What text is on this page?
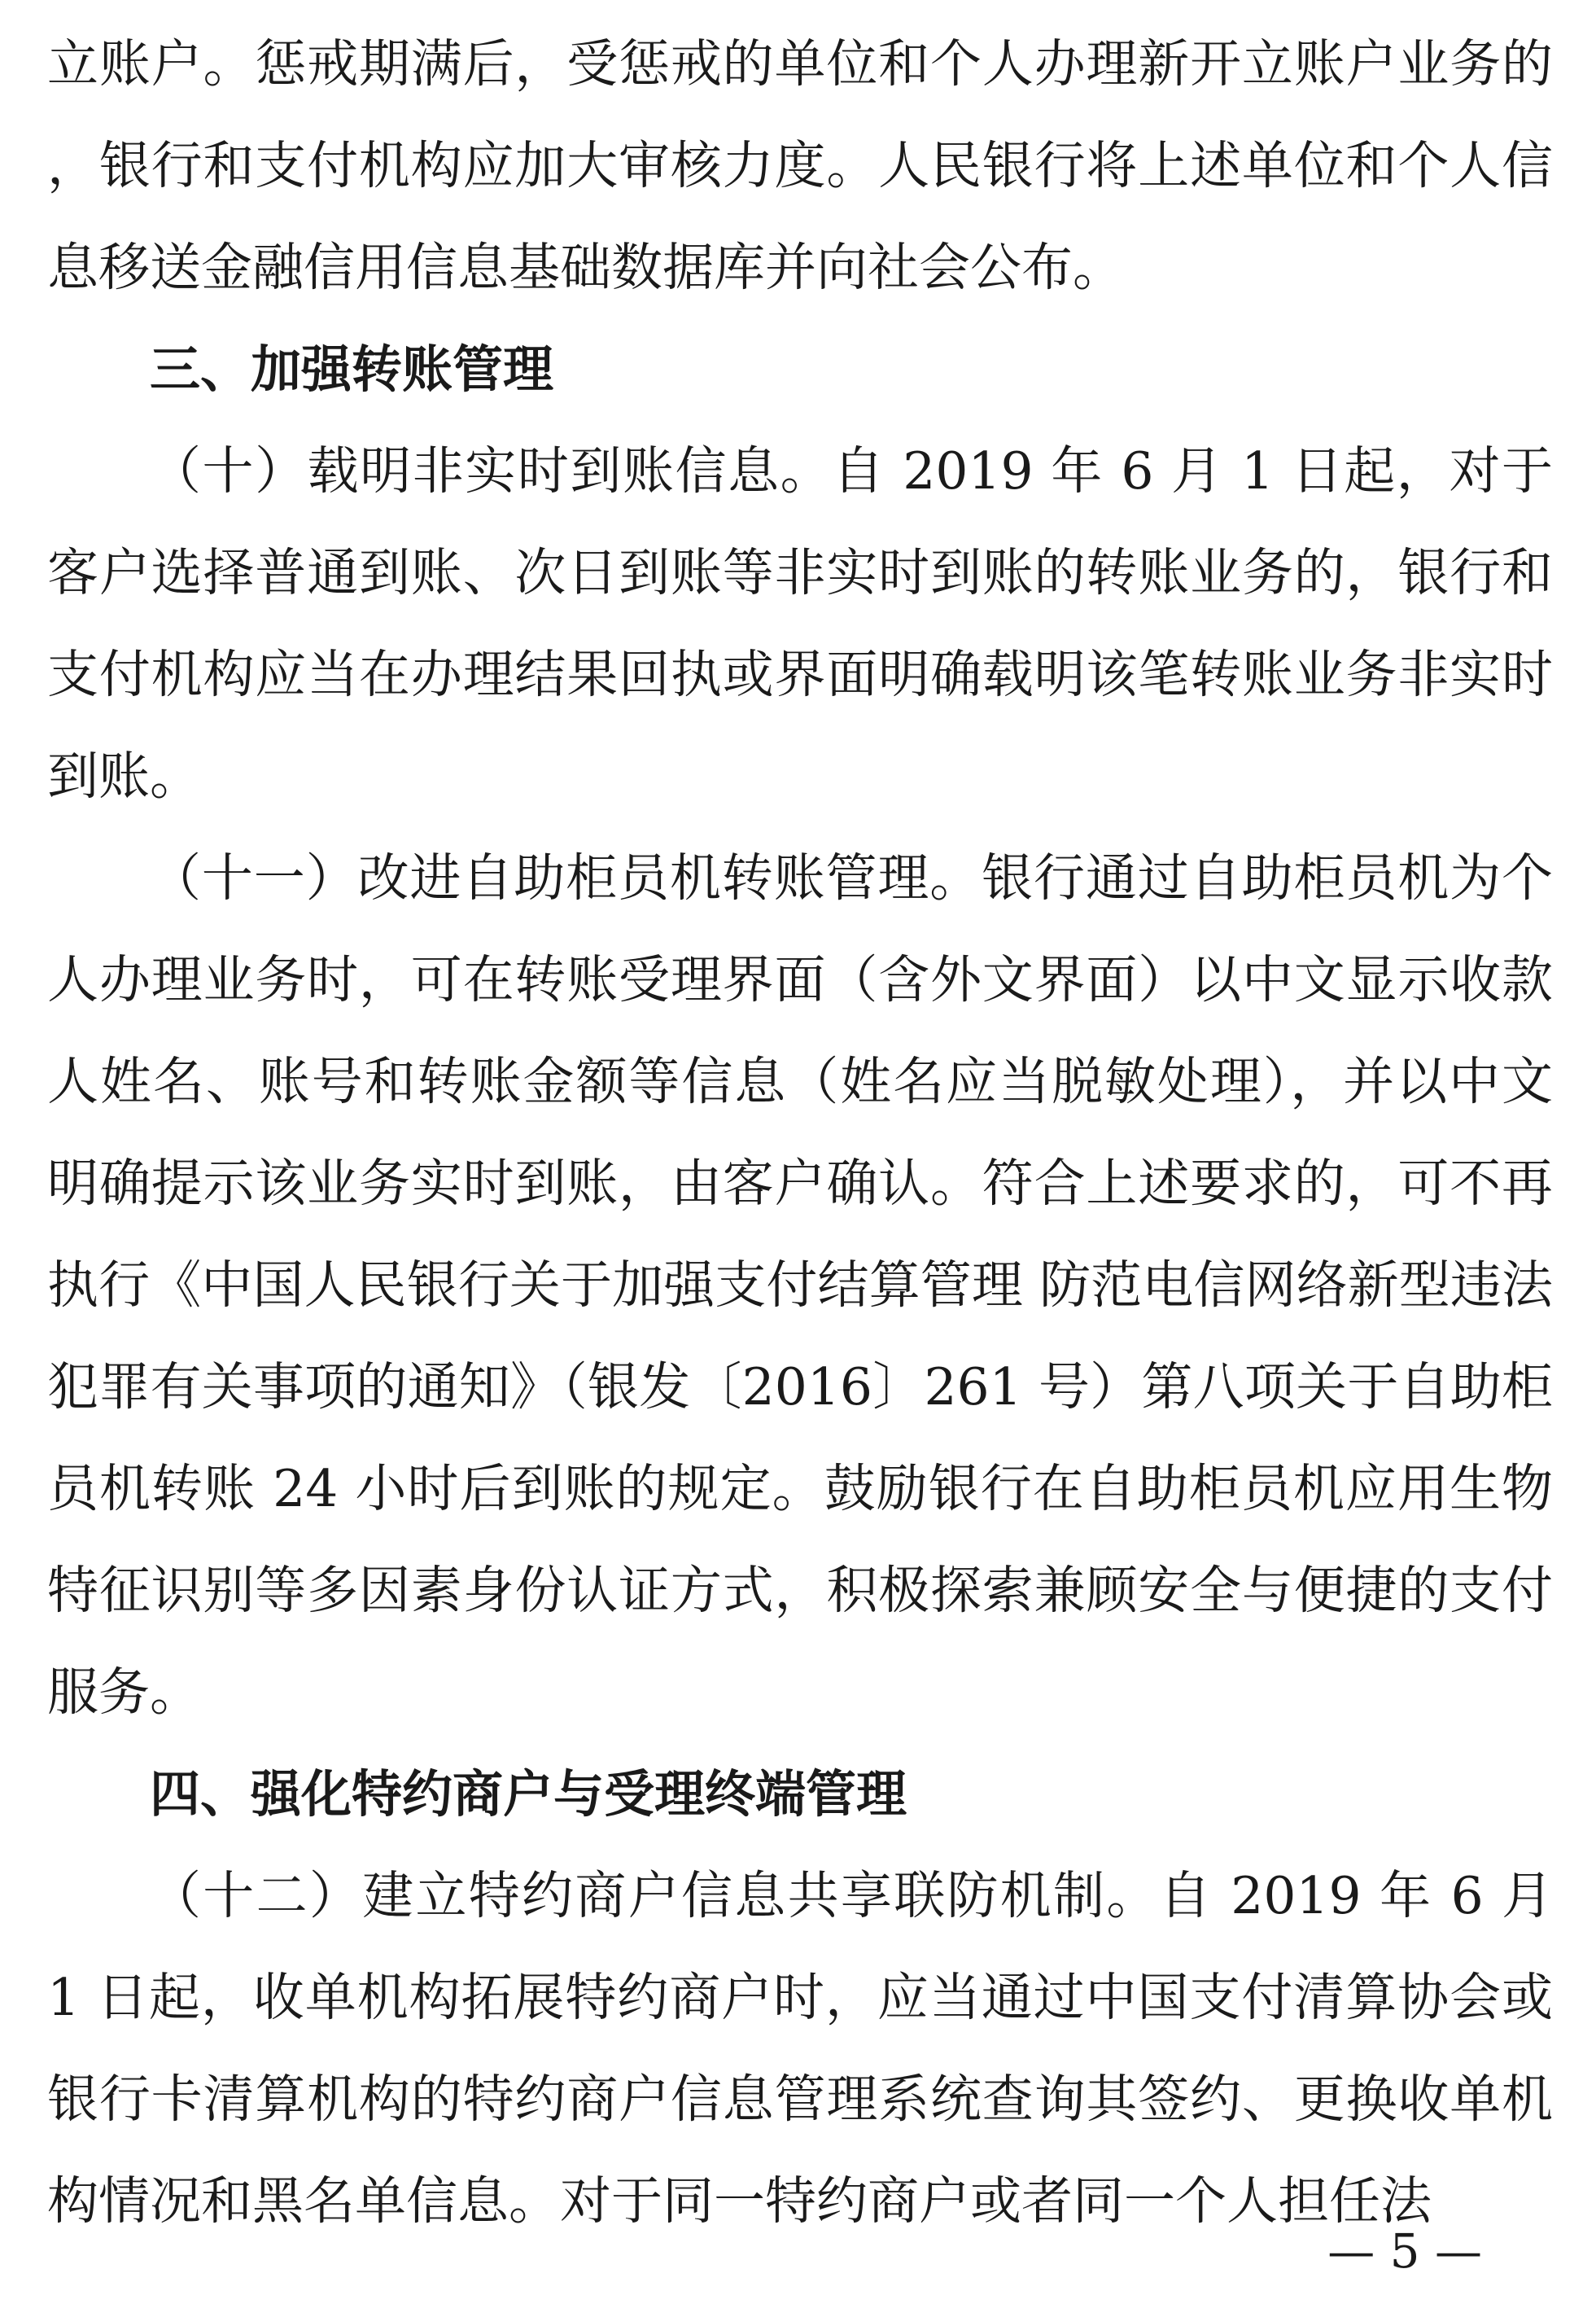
立账户。惩戒期满后，受惩戒的单位和个人办理新开立账户业务的，银行和支付机构应加大审核力度。人民银行将上述单位和个人信息移送金融信用信息基础数据库并向社会公布。

三、加强转账管理

（十）载明非实时到账信息。自 2019 年 6 月 1 日起，对于客户选择普通到账、次日到账等非实时到账的转账业务的，银行和支付机构应当在办理结果回执或界面明确载明该笔转账业务非实时到账。

（十一）改进自助柜员机转账管理。银行通过自助柜员机为个人办理业务时，可在转账受理界面（含外文界面）以中文显示收款人姓名、账号和转账金额等信息（姓名应当脱敏处理），并以中文明确提示该业务实时到账，由客户确认。符合上述要求的，可不再执行《中国人民银行关于加强支付结算管理 防范电信网络新型违法犯罪有关事项的通知》（银发〔2016〕261 号）第八项关于自助柜员机转账 24 小时后到账的规定。鼓励银行在自助柜员机应用生物特征识别等多因素身份认证方式，积极探索兼顾安全与便捷的支付服务。

四、强化特约商户与受理终端管理

（十二）建立特约商户信息共享联防机制。自 2019 年 6 月 1 日起，收单机构拓展特约商户时，应当通过中国支付清算协会或银行卡清算机构的特约商户信息管理系统查询其签约、更换收单机构情况和黑名单信息。对于同一特约商户或者同一个人担任法

— 5 —
